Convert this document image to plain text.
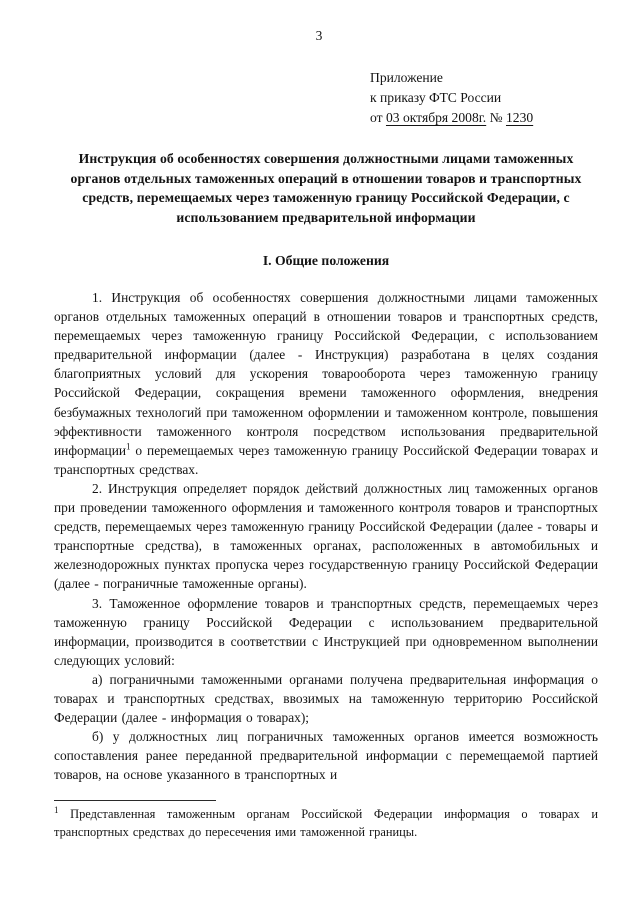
3
Приложение
к приказу ФТС России
от 03 октября 2008г. № 1230
Инструкция об особенностях совершения должностными лицами таможенных органов отдельных таможенных операций в отношении товаров и транспортных средств, перемещаемых через таможенную границу Российской Федерации, с использованием предварительной информации
I. Общие положения

1. Инструкция об особенностях совершения должностными лицами таможенных органов отдельных таможенных операций в отношении товаров и транспортных средств, перемещаемых через таможенную границу Российской Федерации, с использованием предварительной информации (далее - Инструкция) разработана в целях создания благоприятных условий для ускорения товарооборота через таможенную границу Российской Федерации, сокращения времени таможенного оформления, внедрения безбумажных технологий при таможенном оформлении и таможенном контроле, повышения эффективности таможенного контроля посредством использования предварительной информации$^1$ о перемещаемых через таможенную границу Российской Федерации товарах и транспортных средствах.

2. Инструкция определяет порядок действий должностных лиц таможенных органов при проведении таможенного оформления и таможенного контроля товаров и транспортных средств, перемещаемых через таможенную границу Российской Федерации (далее - товары и транспортные средства), в таможенных органах, расположенных в автомобильных и железнодорожных пунктах пропуска через государственную границу Российской Федерации (далее - пограничные таможенные органы).

3. Таможенное оформление товаров и транспортных средств, перемещаемых через таможенную границу Российской Федерации с использованием предварительной информации, производится в соответствии с Инструкцией при одновременном выполнении следующих условий:

а) пограничными таможенными органами получена предварительная информация о товарах и транспортных средствах, ввозимых на таможенную территорию Российской Федерации (далее - информация о товарах);

б) у должностных лиц пограничных таможенных органов имеется возможность сопоставления ранее переданной предварительной информации с перемещаемой партией товаров, на основе указанного в транспортных и

$^1$ Представленная таможенным органам Российской Федерации информация о товарах и транспортных средствах до пересечения ими таможенной границы.
